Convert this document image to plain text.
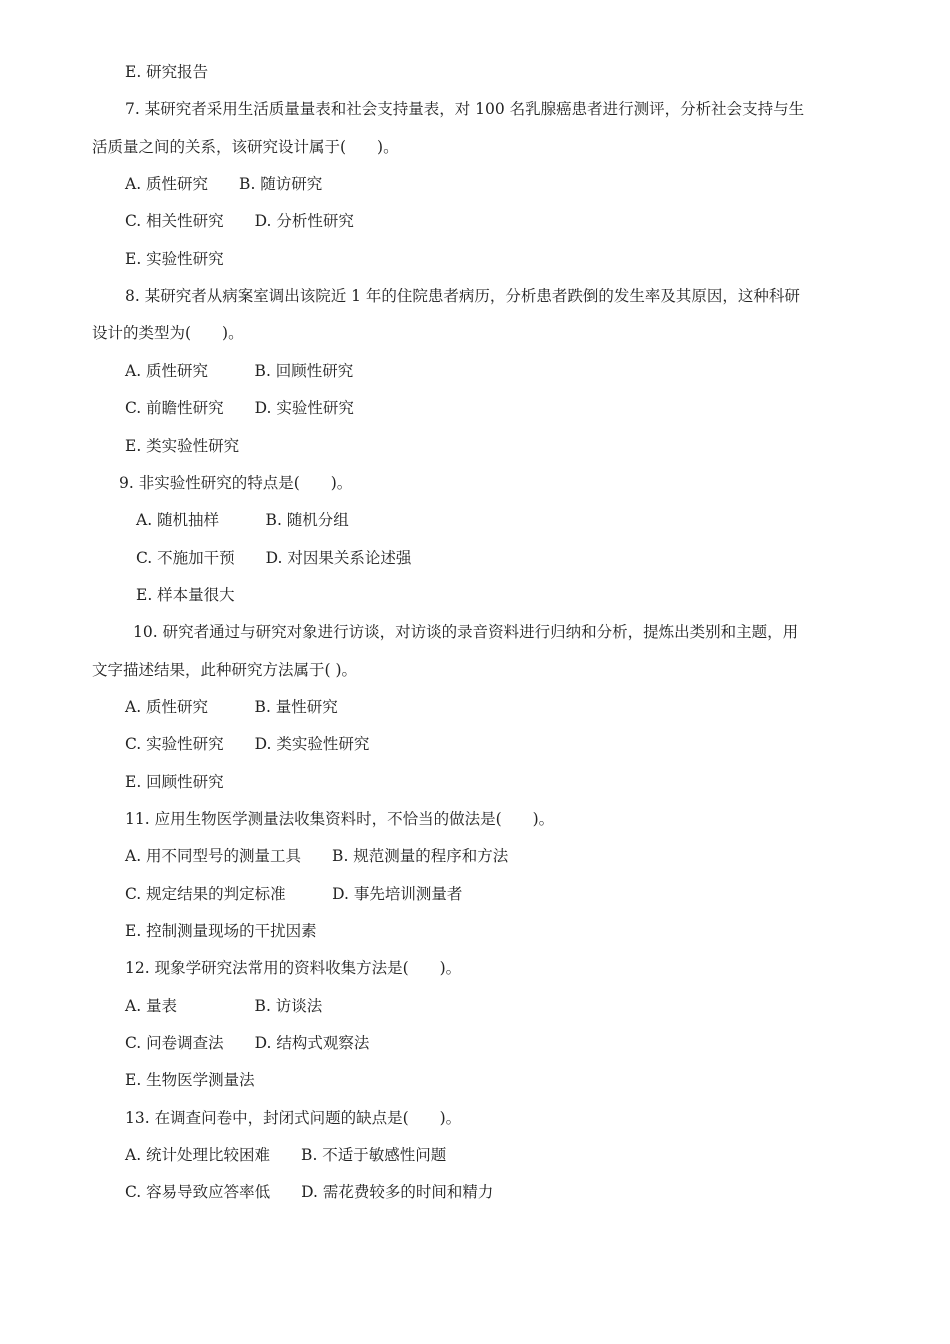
E. 研究报告
7. 某研究者采用生活质量量表和社会支持量表，对 100 名乳腺癌患者进行测评，分析社会支持与生
活质量之间的关系，该研究设计属于(　　)。
A. 质性研究　　B. 随访研究
C. 相关性研究　　D. 分析性研究
E. 实验性研究
8. 某研究者从病案室调出该院近 1 年的住院患者病历，分析患者跌倒的发生率及其原因，这种科研
设计的类型为(　　)。
A. 质性研究　　　B. 回顾性研究
C. 前瞻性研究　　D. 实验性研究
E. 类实验性研究
9. 非实验性研究的特点是(　　)。
A. 随机抽样　　　B. 随机分组
C. 不施加干预　　D. 对因果关系论述强
E. 样本量很大
10. 研究者通过与研究对象进行访谈，对访谈的录音资料进行归纳和分析，提炼出类别和主题，用
文字描述结果，此种研究方法属于( )。
A. 质性研究　　　B. 量性研究
C. 实验性研究　　D. 类实验性研究
E. 回顾性研究
11. 应用生物医学测量法收集资料时，不恰当的做法是(　　)。
A. 用不同型号的测量工具　　B. 规范测量的程序和方法
C. 规定结果的判定标准　　　D. 事先培训测量者
E. 控制测量现场的干扰因素
12. 现象学研究法常用的资料收集方法是(　　)。
A. 量表　　　　　B. 访谈法
C. 问卷调查法　　D. 结构式观察法
E. 生物医学测量法
13. 在调查问卷中，封闭式问题的缺点是(　　)。
A. 统计处理比较困难　　B. 不适于敏感性问题
C. 容易导致应答率低　　D. 需花费较多的时间和精力
